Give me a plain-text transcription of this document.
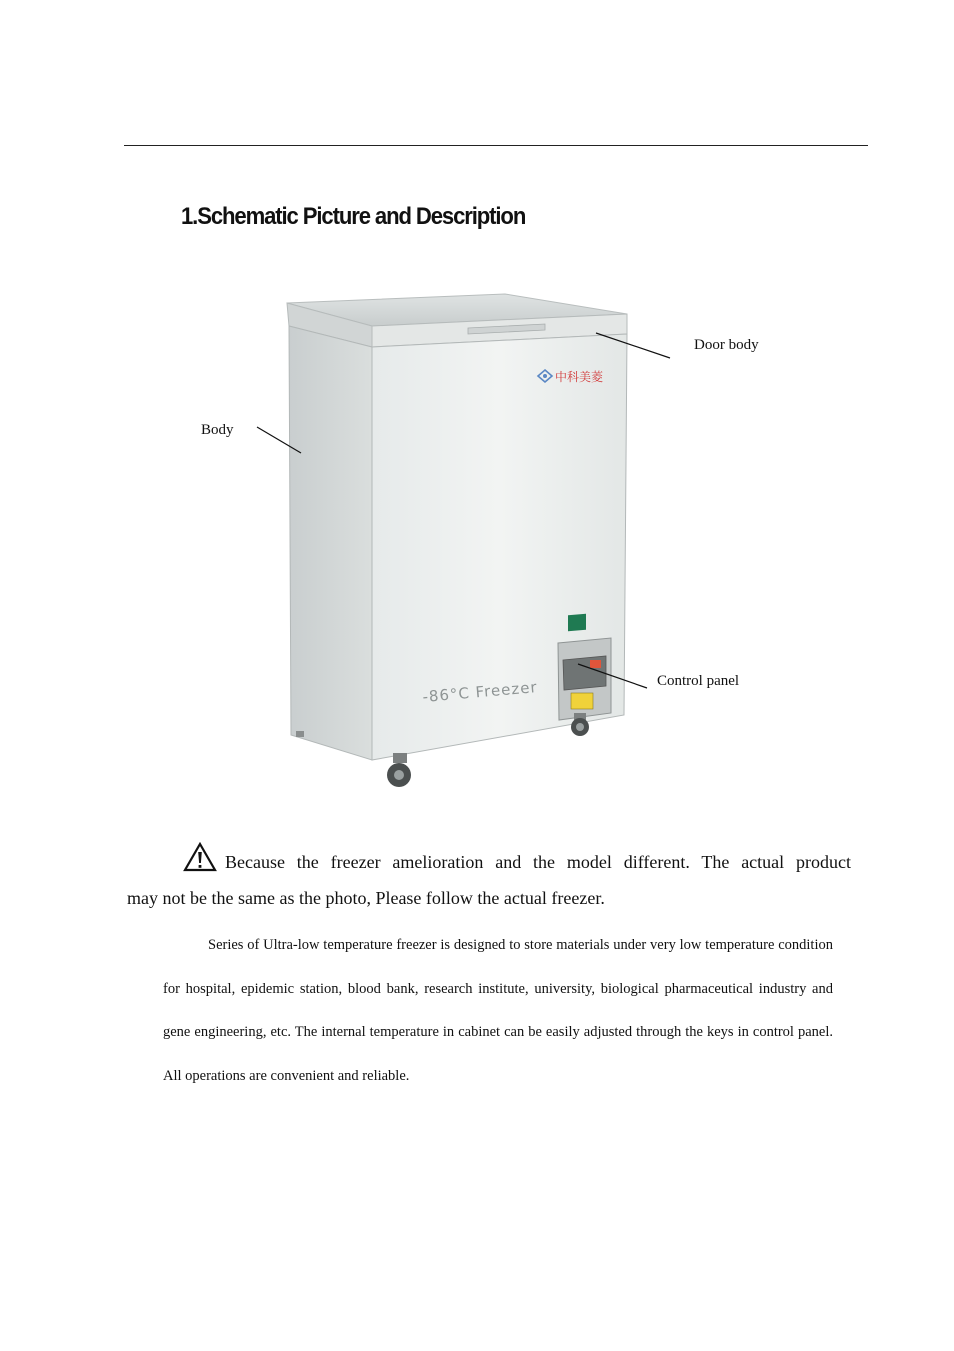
1.Schematic Picture and Description
中科美菱
-86°C Freezer
Door body
Body
Control panel
Because the freezer amelioration and the model different. The actual product
may not be the same as the photo, Please follow the actual freezer.
Series of Ultra-low temperature freezer is designed to store materials under very low temperature condition for hospital, epidemic station, blood bank, research institute, university, biological pharmaceutical industry and gene engineering, etc. The internal temperature in cabinet can be easily adjusted through the keys in control panel. All operations are convenient and reliable.
